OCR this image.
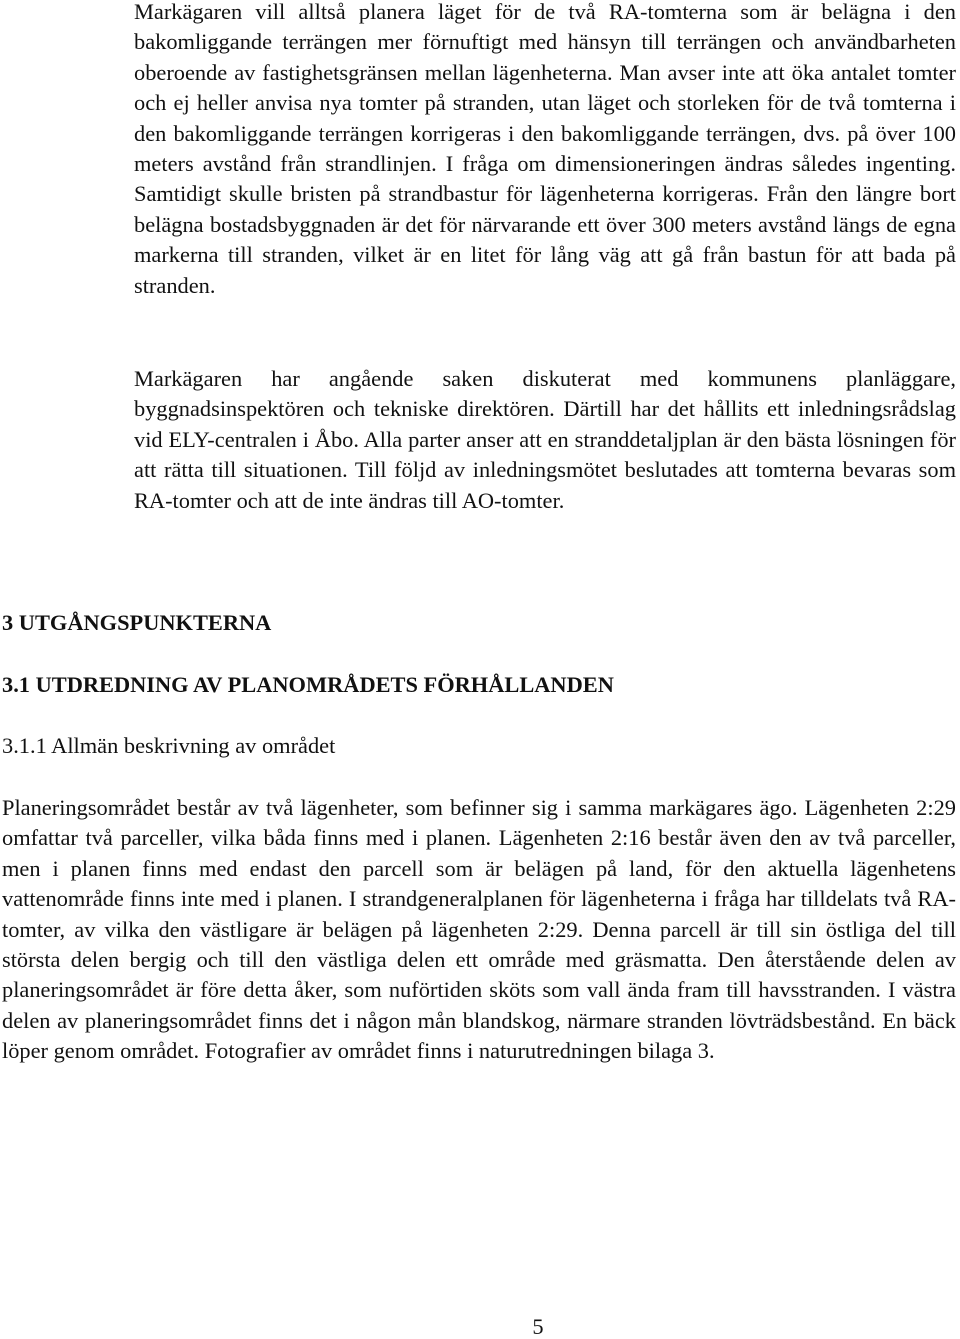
Markägaren vill alltså planera läget för de två RA-tomterna som är belägna i den bakomliggande terrängen mer förnuftigt med hänsyn till terrängen och användbarheten oberoende av fastighetsgränsen mellan lägenheterna. Man avser inte att öka antalet tomter och ej heller anvisa nya tomter på stranden, utan läget och storleken för de två tomterna i den bakomliggande terrängen korrigeras i den bakomliggande terrängen, dvs. på över 100 meters avstånd från strandlinjen. I fråga om dimensioneringen ändras således ingenting. Samtidigt skulle bristen på strandbastur för lägenheterna korrigeras. Från den längre bort belägna bostadsbyggnaden är det för närvarande ett över 300 meters avstånd längs de egna markerna till stranden, vilket är en litet för lång väg att gå från bastun för att bada på stranden.

Markägaren har angående saken diskuterat med kommunens planläggare, byggnadsinspektören och tekniske direktören. Därtill har det hållits ett inledningsrådslag vid ELY-centralen i Åbo. Alla parter anser att en stranddetaljplan är den bästa lösningen för att rätta till situationen. Till följd av inledningsmötet beslutades att tomterna bevaras som RA-tomter och att de inte ändras till AO-tomter.

3 UTGÅNGSPUNKTERNA
3.1 UTDREDNING AV PLANOMRÅDETS FÖRHÅLLANDEN
3.1.1 Allmän beskrivning av området

Planeringsområdet består av två lägenheter, som befinner sig i samma markägares ägo. Lägenheten 2:29 omfattar två parceller, vilka båda finns med i planen. Lägenheten 2:16 består även den av två parceller, men i planen finns med endast den parcell som är belägen på land, för den aktuella lägenhetens vattenområde finns inte med i planen. I strandgeneralplanen för lägenheterna i fråga har tilldelats två RA-tomter, av vilka den västligare är belägen på lägenheten 2:29. Denna parcell är till sin östliga del till största delen bergig och till den västliga delen ett område med gräsmatta. Den återstående delen av planeringsområdet är före detta åker, som nuförtiden sköts som vall ända fram till havsstranden. I västra delen av planeringsområdet finns det i någon mån blandskog, närmare stranden lövträdsbestånd. En bäck löper genom området. Fotografier av området finns i naturutredningen bilaga 3.

5
